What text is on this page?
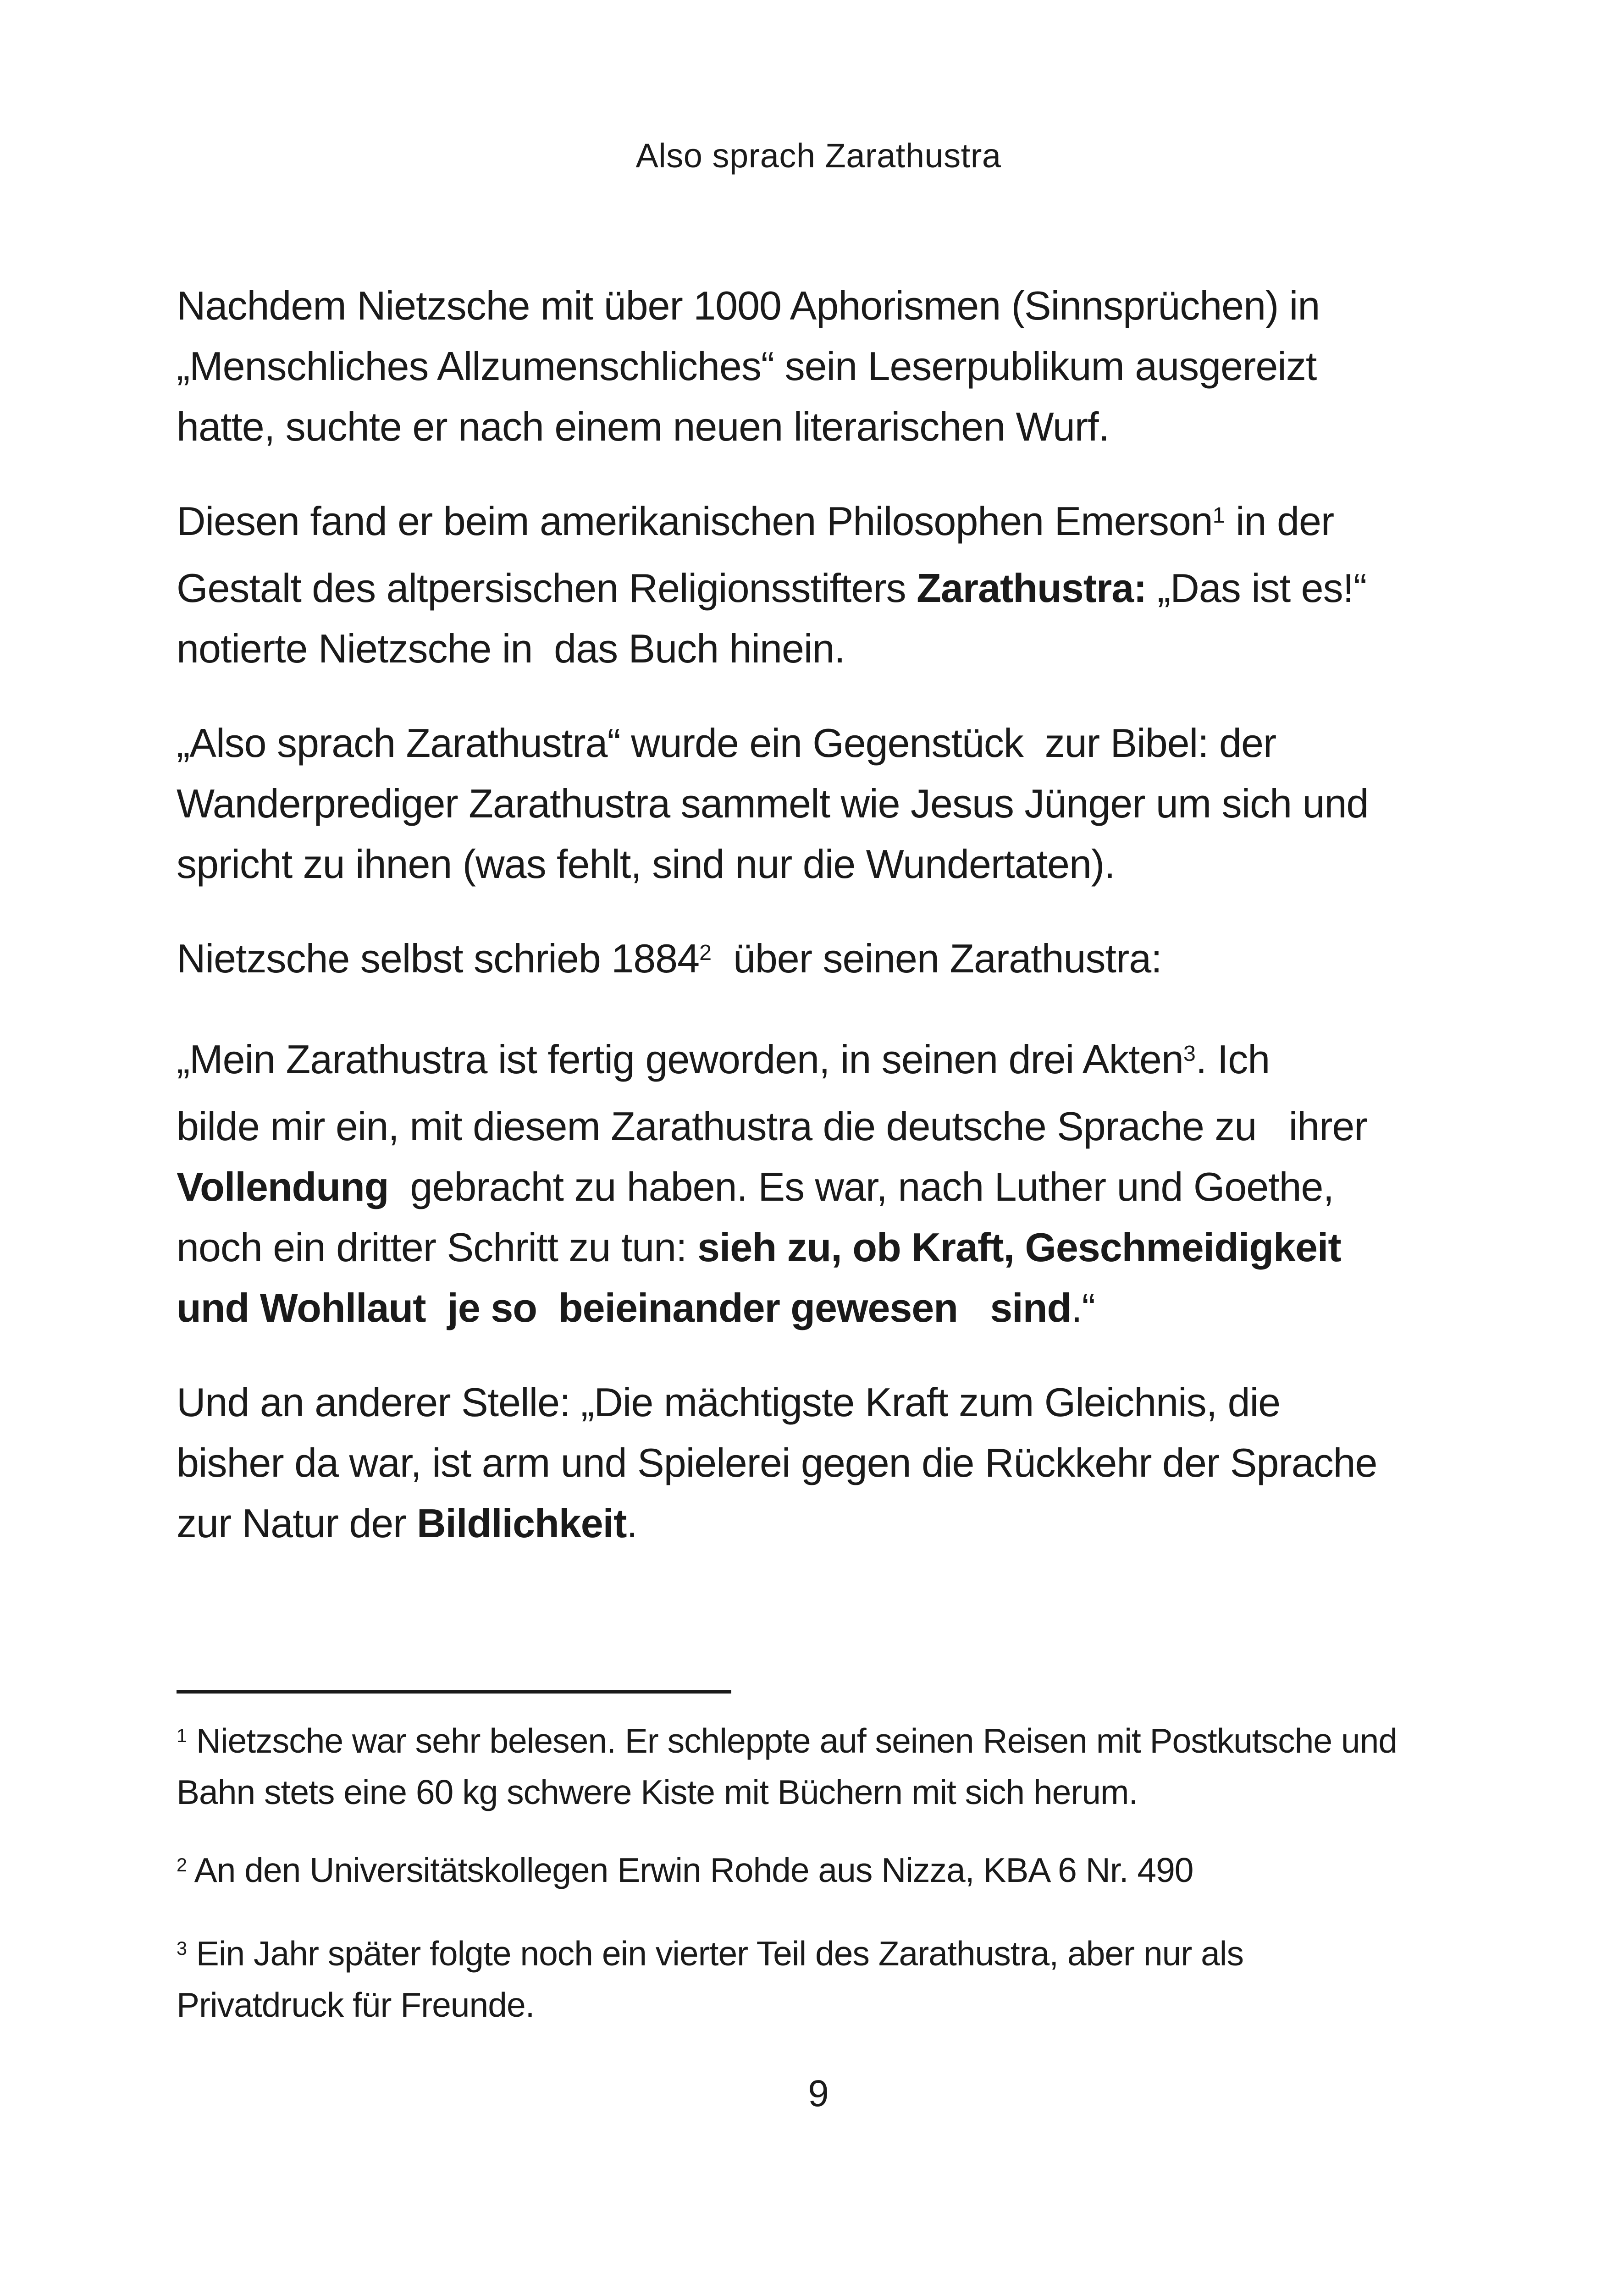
Also sprach Zarathustra
Nachdem Nietzsche mit über 1000 Aphorismen (Sinnsprüchen) in
„Menschliches Allzumenschliches“ sein Leserpublikum ausgereizt
hatte, suchte er nach einem neuen literarischen Wurf.
Diesen fand er beim amerikanischen Philosophen Emerson$^1$ in der
Gestalt des altpersischen Religionsstifters Zarathustra: „Das ist es!“
notierte Nietzsche in  das Buch hinein.
„Also sprach Zarathustra“ wurde ein Gegenstück  zur Bibel: der
Wanderprediger Zarathustra sammelt wie Jesus Jünger um sich und
spricht zu ihnen (was fehlt, sind nur die Wundertaten).
Nietzsche selbst schrieb 1884$^2$  über seinen Zarathustra:
„Mein Zarathustra ist fertig geworden, in seinen drei Akten$^3$. Ich
bilde mir ein, mit diesem Zarathustra die deutsche Sprache zu   ihrer
Vollendung  gebracht zu haben. Es war, nach Luther und Goethe,
noch ein dritter Schritt zu tun: sieh zu, ob Kraft, Geschmeidigkeit
und Wohllaut  je so  beieinander gewesen   sind.“
Und an anderer Stelle: „Die mächtigste Kraft zum Gleichnis, die
bisher da war, ist arm und Spielerei gegen die Rückkehr der Sprache
zur Natur der Bildlichkeit.
$^1$ Nietzsche war sehr belesen. Er schleppte auf seinen Reisen mit Postkutsche und
Bahn stets eine 60 kg schwere Kiste mit Büchern mit sich herum.
$^2$ An den Universitätskollegen Erwin Rohde aus Nizza, KBA 6 Nr. 490
$^3$ Ein Jahr später folgte noch ein vierter Teil des Zarathustra, aber nur als
Privatdruck für Freunde.
9
